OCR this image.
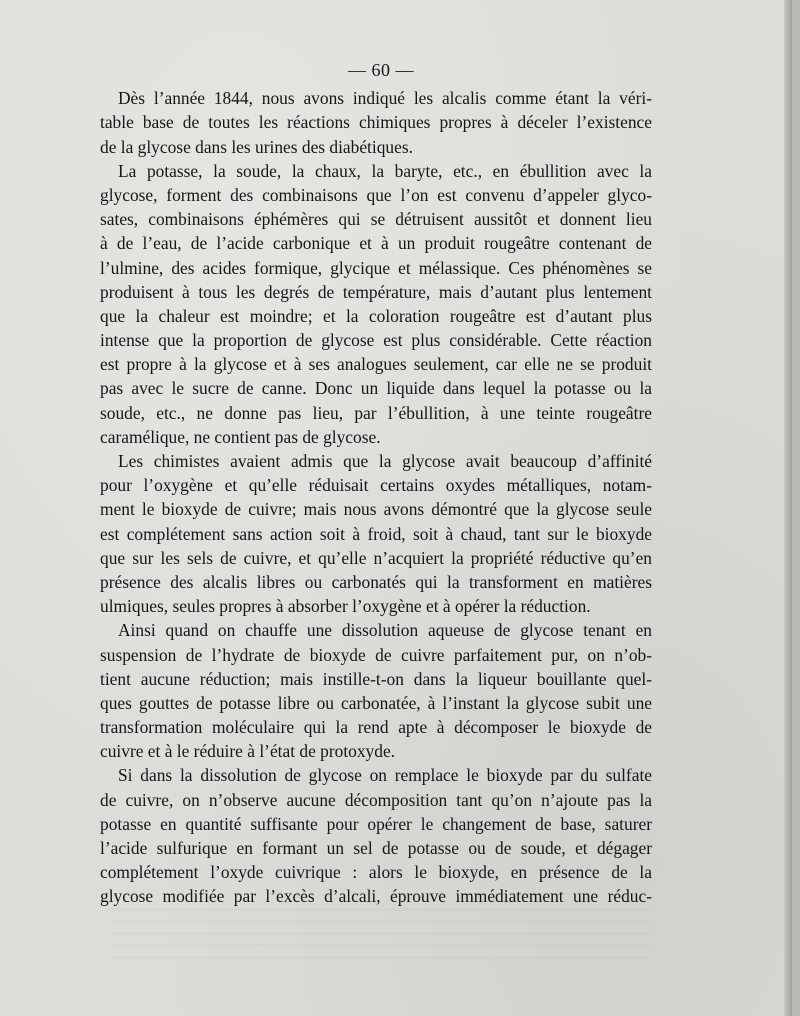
— 60 —
Dès l’année 1844, nous avons indiqué les alcalis comme étant la véri-
table base de toutes les réactions chimiques propres à déceler l’existence
de la glycose dans les urines des diabétiques.
La potasse, la soude, la chaux, la baryte, etc., en ébullition avec la
glycose, forment des combinaisons que l’on est convenu d’appeler glyco-
sates, combinaisons éphémères qui se détruisent aussitôt et donnent lieu
à de l’eau, de l’acide carbonique et à un produit rougeâtre contenant de
l’ulmine, des acides formique, glycique et mélassique. Ces phénomènes se
produisent à tous les degrés de température, mais d’autant plus lentement
que la chaleur est moindre; et la coloration rougeâtre est d’autant plus
intense que la proportion de glycose est plus considérable. Cette réaction
est propre à la glycose et à ses analogues seulement, car elle ne se produit
pas avec le sucre de canne. Donc un liquide dans lequel la potasse ou la
soude, etc., ne donne pas lieu, par l’ébullition, à une teinte rougeâtre
caramélique, ne contient pas de glycose.
Les chimistes avaient admis que la glycose avait beaucoup d’affinité
pour l’oxygène et qu’elle réduisait certains oxydes métalliques, notam-
ment le bioxyde de cuivre; mais nous avons démontré que la glycose seule
est complétement sans action soit à froid, soit à chaud, tant sur le bioxyde
que sur les sels de cuivre, et qu’elle n’acquiert la propriété réductive qu’en
présence des alcalis libres ou carbonatés qui la transforment en matières
ulmiques, seules propres à absorber l’oxygène et à opérer la réduction.
Ainsi quand on chauffe une dissolution aqueuse de glycose tenant en
suspension de l’hydrate de bioxyde de cuivre parfaitement pur, on n’ob-
tient aucune réduction; mais instille-t-on dans la liqueur bouillante quel-
ques gouttes de potasse libre ou carbonatée, à l’instant la glycose subit une
transformation moléculaire qui la rend apte à décomposer le bioxyde de
cuivre et à le réduire à l’état de protoxyde.
Si dans la dissolution de glycose on remplace le bioxyde par du sulfate
de cuivre, on n’observe aucune décomposition tant qu’on n’ajoute pas la
potasse en quantité suffisante pour opérer le changement de base, saturer
l’acide sulfurique en formant un sel de potasse ou de soude, et dégager
complétement l’oxyde cuivrique : alors le bioxyde, en présence de la
glycose modifiée par l’excès d’alcali, éprouve immédiatement une réduc-
